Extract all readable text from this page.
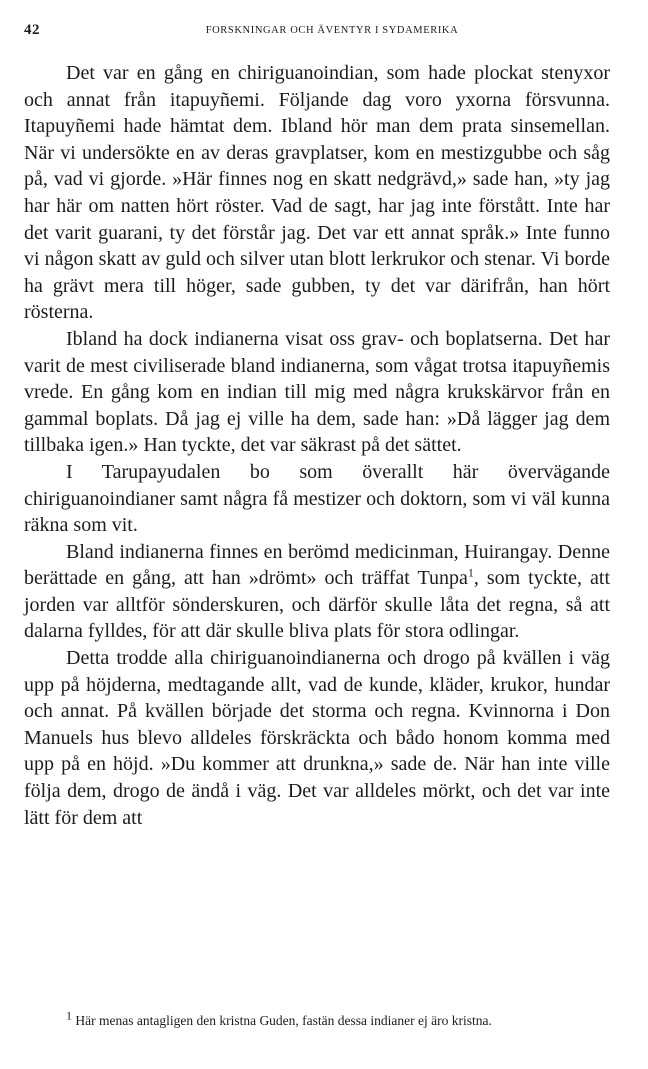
42	FORSKNINGAR OCH ÄVENTYR I SYDAMERIKA

Det var en gång en chiriguanoindian, som hade plockat stenyxor och annat från itapuyñemi. Följande dag voro yxorna försvunna. Itapuyñemi hade hämtat dem. Ibland hör man dem prata sinsemellan. När vi undersökte en av deras gravplatser, kom en mestizgubbe och såg på, vad vi gjorde. »Här finnes nog en skatt nedgrävd,» sade han, »ty jag har här om natten hört röster. Vad de sagt, har jag inte förstått. Inte har det varit guarani, ty det förstår jag. Det var ett annat språk.» Inte funno vi någon skatt av guld och silver utan blott lerkrukor och stenar. Vi borde ha grävt mera till höger, sade gubben, ty det var därifrån, han hört rösterna.

Ibland ha dock indianerna visat oss grav- och boplatserna. Det har varit de mest civiliserade bland indianerna, som vågat trotsa itapuyñemis vrede. En gång kom en indian till mig med några krukskärvor från en gammal boplats. Då jag ej ville ha dem, sade han: »Då lägger jag dem tillbaka igen.» Han tyckte, det var säkrast på det sättet.

I Tarupayudalen bo som överallt här övervägande chiriguanoindianer samt några få mestizer och doktorn, som vi väl kunna räkna som vit.

Bland indianerna finnes en berömd medicinman, Huirangay. Denne berättade en gång, att han »drömt» och träffat Tunpa$^1$, som tyckte, att jorden var alltför sönderskuren, och därför skulle låta det regna, så att dalarna fylldes, för att där skulle bliva plats för stora odlingar.

Detta trodde alla chiriguanoindianerna och drogo på kvällen i väg upp på höjderna, medtagande allt, vad de kunde, kläder, krukor, hundar och annat. På kvällen började det storma och regna. Kvinnorna i Don Manuels hus blevo alldeles förskräckta och bådo honom komma med upp på en höjd. »Du kommer att drunkna,» sade de. När han inte ville följa dem, drogo de ändå i väg. Det var alldeles mörkt, och det var inte lätt för dem att

$^1$ Här menas antagligen den kristna Guden, fastän dessa indianer ej äro kristna.
